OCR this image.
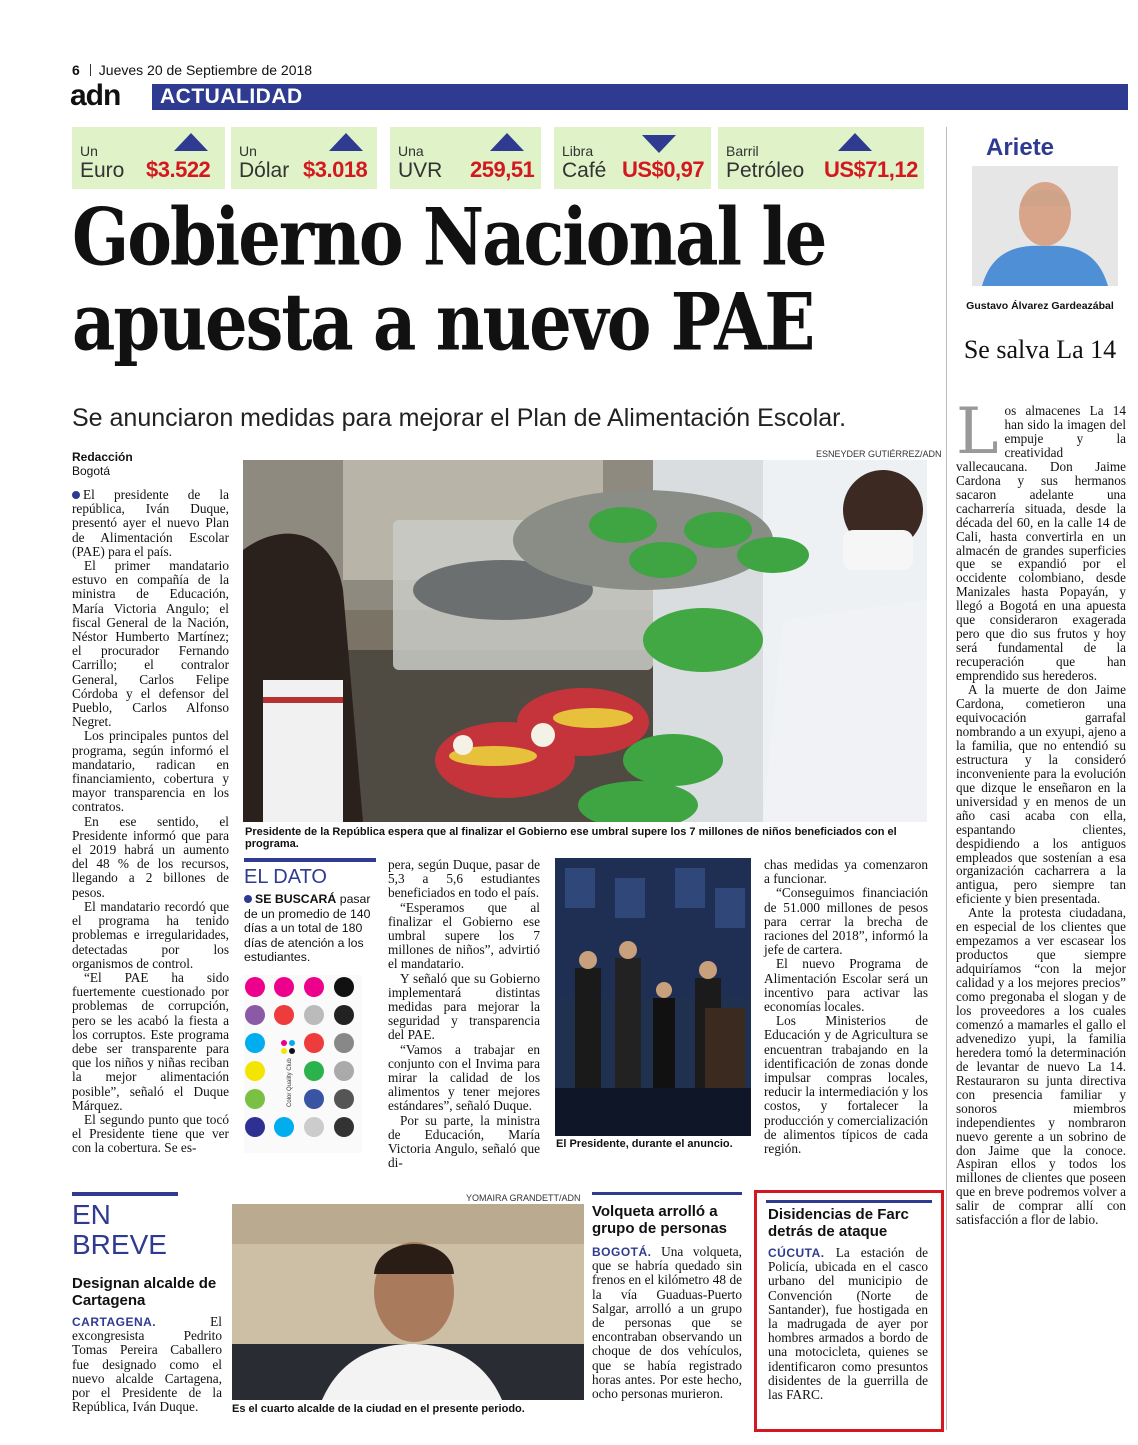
6 Jueves 20 de Septiembre de 2018
adn	ACTUALIDAD
Un
Euro $3.522
Un
Dólar $3.018
Una
UVR 259,51
Libra
Café US$0,97
Barril
Petróleo US$71,12
Gobierno Nacional le
apuesta a nuevo PAE
Se anunciaron medidas para mejorar el Plan de Alimentación Escolar.
Redacción
Bogotá
ESNEYDER GUTIÉRREZ/ADN
Presidente de la República espera que al finalizar el Gobierno ese umbral supere los 7 millones de niños beneficiados con el programa.

El presidente de la república, Iván Duque, presentó ayer el nuevo Plan de Alimentación Escolar (PAE) para el país.

El primer mandatario estuvo en compañía de la ministra de Educación, María Victoria Angulo; el fiscal General de la Nación, Néstor Humberto Martínez; el procurador Fernando Carrillo; el contralor General, Carlos Felipe Córdoba y el defensor del Pueblo, Carlos Alfonso Negret.

Los principales puntos del programa, según informó el mandatario, radican en financiamiento, cobertura y mayor transparencia en los contratos.

En ese sentido, el Presidente informó que para el 2019 habrá un aumento del 48 % de los recursos, llegando a 2 billones de pesos.

El mandatario recordó que el programa ha tenido problemas e irregularidades, detectadas por los organismos de control.

“El PAE ha sido fuertemente cuestionado por problemas de corrupción, pero se les acabó la fiesta a los corruptos. Este programa debe ser transparente para que los niños y niñas reciban la mejor alimentación posible”, señaló el Duque Márquez.

El segundo punto que tocó el Presidente tiene que ver con la cobertura. Se es-

EL DATO
SE BUSCARÁ pasar de un promedio de 140 días a un total de 180 días de atención a los estudiantes.
Color Quality Club

pera, según Duque, pasar de 5,3 a 5,6 estudiantes beneficiados en todo el país.

“Esperamos que al finalizar el Gobierno ese umbral supere los 7 millones de niños”, advirtió el mandatario.

Y señaló que su Gobierno implementará distintas medidas para mejorar la seguridad y transparencia del PAE.

“Vamos a trabajar en conjunto con el Invima para mirar la calidad de los alimentos y tener mejores estándares”, señaló Duque.

Por su parte, la ministra de Educación, María Victoria Angulo, señaló que di-

El Presidente, durante el anuncio.

chas medidas ya comenzaron a funcionar.

“Conseguimos financiación de 51.000 millones de pesos para cerrar la brecha de raciones del 2018”, informó la jefe de cartera.

El nuevo Programa de Alimentación Escolar será un incentivo para activar las economías locales.

Los Ministerios de Educación y de Agricultura se encuentran trabajando en la identificación de zonas donde impulsar compras locales, reducir la intermediación y los costos, y fortalecer la producción y comercialización de alimentos típicos de cada región.

Ariete
Gustavo Álvarez Gardeazábal
Se salva La 14

Los almacenes La 14 han sido la imagen del empuje y la creatividad vallecaucana. Don Jaime Cardona y sus hermanos sacaron adelante una cacharrería situada, desde la década del 60, en la calle 14 de Cali, hasta convertirla en un almacén de grandes superficies que se expandió por el occidente colombiano, desde Manizales hasta Popayán, y llegó a Bogotá en una apuesta que consideraron exagerada pero que dio sus frutos y hoy será fundamental de la recuperación que han emprendido sus herederos.

A la muerte de don Jaime Cardona, cometieron una equivocación garrafal nombrando a un exyupi, ajeno a la familia, que no entendió su estructura y la consideró inconveniente para la evolución que dizque le enseñaron en la universidad y en menos de un año casi acaba con ella, espantando clientes, despidiendo a los antiguos empleados que sostenían a esa organización cacharrera a la antigua, pero siempre tan eficiente y bien presentada.

Ante la protesta ciudadana, en especial de los clientes que empezamos a ver escasear los productos que siempre adquiríamos “con la mejor calidad y a los mejores precios” como pregonaba el slogan y de los proveedores a los cuales comenzó a mamarles el gallo el advenedizo yupi, la familia heredera tomó la determinación de levantar de nuevo La 14. Restauraron su junta directiva con presencia familiar y sonoros miembros independientes y nombraron nuevo gerente a un sobrino de don Jaime que la conoce. Aspiran ellos y todos los millones de clientes que poseen que en breve podremos volver a salir de comprar allí con satisfacción a flor de labio.

EN
BREVE
Designan alcalde de Cartagena
CARTAGENA.	El excongresista Pedrito Tomas Pereira Caballero fue designado como el nuevo alcalde Cartagena, por el Presidente de la República, Iván Duque.
YOMAIRA GRANDETT/ADN
Es el cuarto alcalde de la ciudad en el presente periodo.
Volqueta arrolló a grupo de personas
BOGOTÁ. Una volqueta, que se habría quedado sin frenos en el kilómetro 48 de la vía Guaduas-Puerto Salgar, arrolló a un grupo de personas que se encontraban observando un choque de dos vehículos, que se había registrado horas antes. Por este hecho, ocho personas murieron.
Disidencias de Farc detrás de ataque
CÚCUTA. La estación de Policía, ubicada en el casco urbano del municipio de Convención (Norte de Santander), fue hostigada en la madrugada de ayer por hombres armados a bordo de una motocicleta, quienes se identificaron como presuntos disidentes de la guerrilla de las FARC.
